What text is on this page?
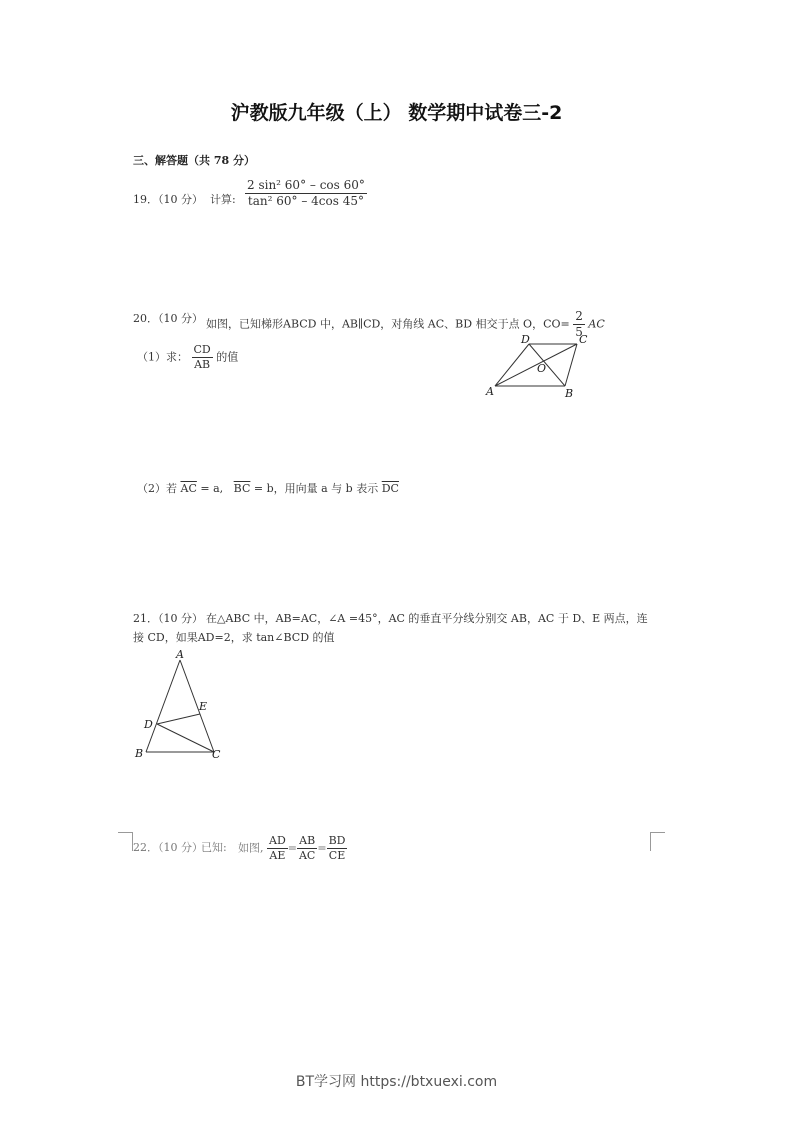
沪教版九年级（上） 数学期中试卷三-2
三、解答题（共 78 分）
19．（10 分） 计算: $\frac{\text{2 sin² 60° – cos 60°}}{\text{tan² 60° – 4cos 45°}}$
20．（10 分） 如图，已知梯形ABCD 中，AB∥CD，对角线 AC、BD 相交于点 O，$CO= \frac{2}{5}$ AC
（1）求： $\frac{CD}{AB}$ 的值
D	C
O
A	B
（2）若 $\overline{AC} = a$, $\overline{BC} = b$，用向量 a 与 b 表示 $\overline{DC}$
21．（10 分） 在△ABC 中，AB=AC，∠A =45°，AC 的垂直平分线分别交 AB，AC 于 D、E 两点，连
接 CD，如果AD=2，求 tan∠BCD 的值
A
E
D
B	C
22．（10 分）
已知: 如图, $\frac{AD}{AE} = \frac{AB}{AC} = \frac{BD}{CE}$
BT学习网 https://btxuexi.com
